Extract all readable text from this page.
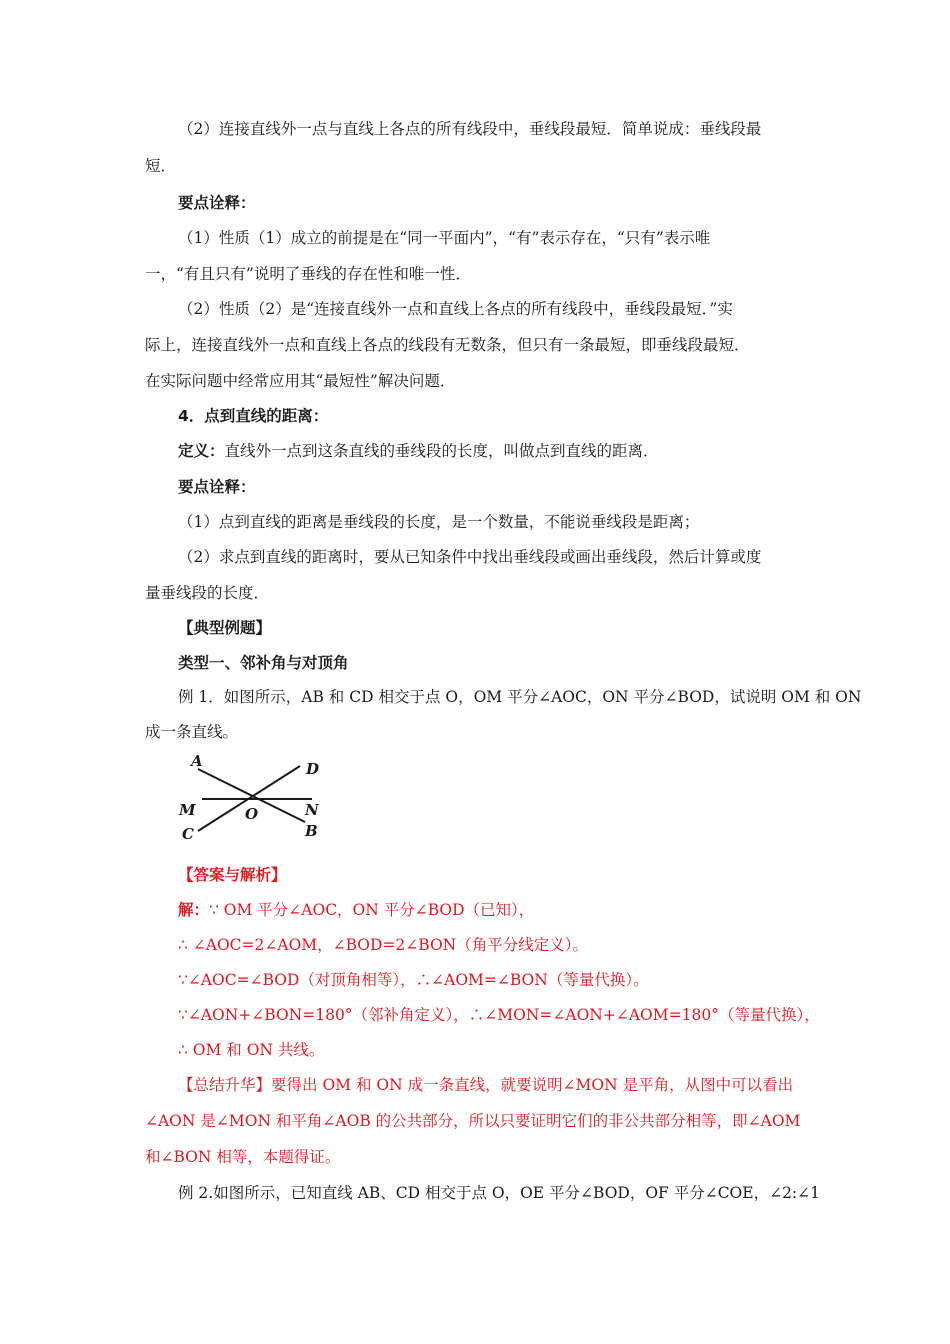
（2）连接直线外一点与直线上各点的所有线段中，垂线段最短．简单说成：垂线段最
短．
要点诠释：
（1）性质（1）成立的前提是在“同一平面内”，“有”表示存在，“只有”表示唯
一，“有且只有”说明了垂线的存在性和唯一性．
（2）性质（2）是“连接直线外一点和直线上各点的所有线段中，垂线段最短．”实
际上，连接直线外一点和直线上各点的线段有无数条，但只有一条最短，即垂线段最短．
在实际问题中经常应用其“最短性”解决问题．
4．点到直线的距离：
定义：直线外一点到这条直线的垂线段的长度，叫做点到直线的距离．
要点诠释：
（1）点到直线的距离是垂线段的长度，是一个数量，不能说垂线段是距离；
（2）求点到直线的距离时，要从已知条件中找出垂线段或画出垂线段，然后计算或度
量垂线段的长度．
【典型例题】
类型一、邻补角与对顶角
例 1．如图所示，AB 和 CD 相交于点 O，OM 平分∠AOC，ON 平分∠BOD，试说明 OM 和 ON
成一条直线。
A	D
M	N
O
C	B
【答案与解析】
解：∵ OM 平分∠AOC，ON 平分∠BOD（已知），
∴ ∠AOC=2∠AOM，∠BOD=2∠BON（角平分线定义）。
∵∠AOC=∠BOD（对顶角相等），∴∠AOM=∠BON（等量代换）。
∵∠AON+∠BON=180°（邻补角定义），∴∠MON=∠AON+∠AOM=180°（等量代换），
∴ OM 和 ON 共线。
【总结升华】要得出 OM 和 ON 成一条直线，就要说明∠MON 是平角，从图中可以看出
∠AON 是∠MON 和平角∠AOB 的公共部分，所以只要证明它们的非公共部分相等，即∠AOM
和∠BON 相等，本题得证。
例 2.如图所示，已知直线 AB、CD 相交于点 O，OE 平分∠BOD，OF 平分∠COE，∠2:∠1
